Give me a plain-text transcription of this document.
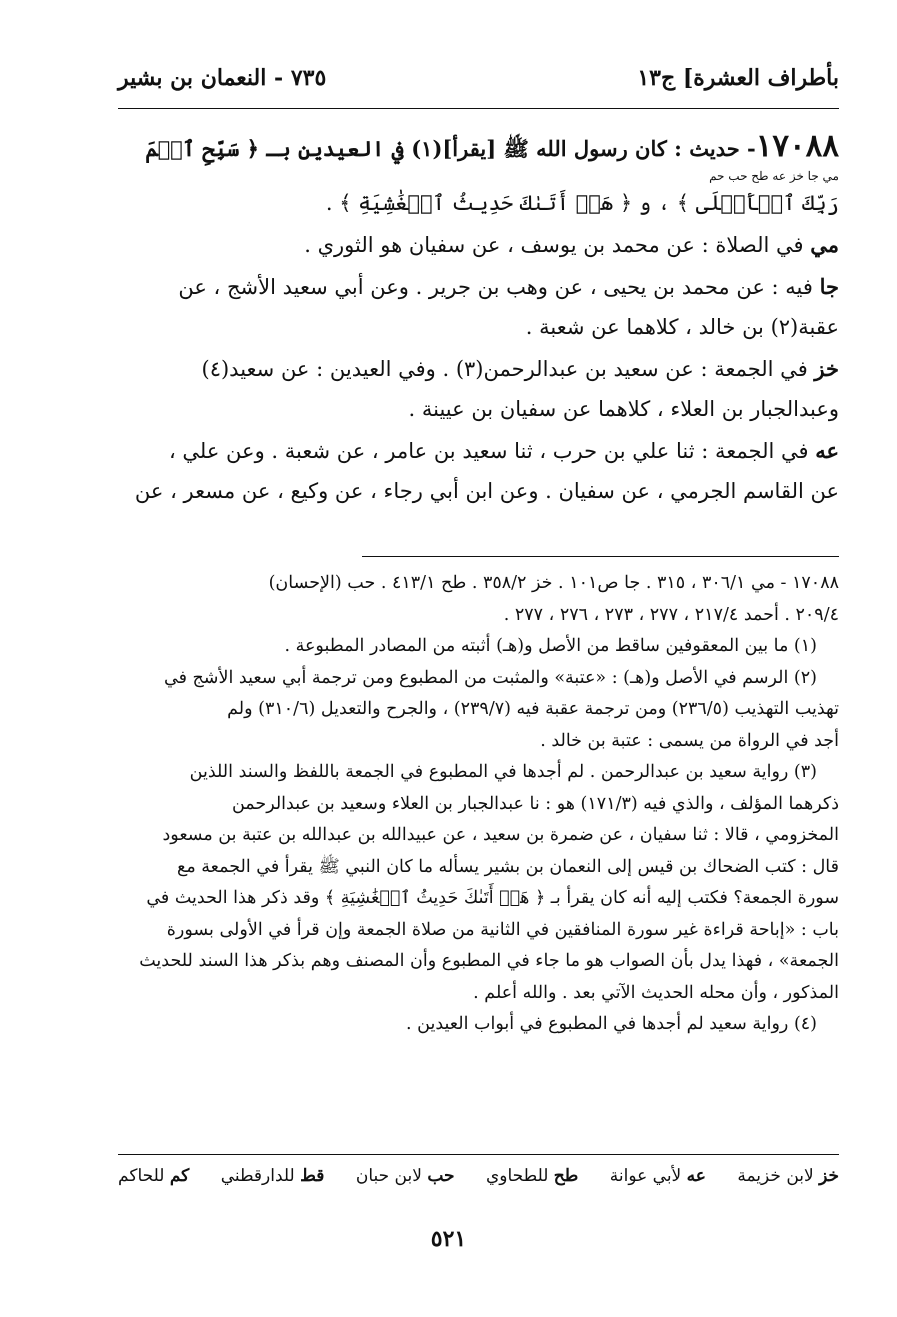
بأطراف العشرة] ج١٣
٧٣٥ - النعمان بن بشير

١٧٠٨٨- حديث : كان رسول الله ﷺ [يقرأ](١) في العيدين بـ ﴿ سَبِّحِ ٱسۡمَ

مي جا خز عه طح حب حم

رَبِّكَ ٱلۡأَعۡلَى ﴾ ، و ﴿ هَلۡ أَتَىٰكَ حَدِيثُ ٱلۡغَٰشِيَةِ ﴾ .

مي في الصلاة : عن محمد بن يوسف ، عن سفيان هو الثوري .

جا فيه : عن محمد بن يحيى ، عن وهب بن جرير . وعن أبي سعيد الأشج ، عن

عقبة(٢) بن خالد ، كلاهما عن شعبة .

خز في الجمعة : عن سعيد بن عبدالرحمن(٣) . وفي العيدين : عن سعيد(٤)

وعبدالجبار بن العلاء ، كلاهما عن سفيان بن عيينة .

عه في الجمعة : ثنا علي بن حرب ، ثنا سعيد بن عامر ، عن شعبة . وعن علي ،

عن القاسم الجرمي ، عن سفيان . وعن ابن أبي رجاء ، عن وكيع ، عن مسعر ، عن

١٧٠٨٨ - مي ٣٠٦/١ ، ٣١٥ . جا ص١٠١ . خز ٣٥٨/٢ . طح ٤١٣/١ . حب (الإحسان)

٢٠٩/٤ . أحمد ٢١٧/٤ ، ٢٧٧ ، ٢٧٣ ، ٢٧٦ ، ٢٧٧ .

(١) ما بين المعقوفين ساقط من الأصل و(هـ) أثبته من المصادر المطبوعة .

(٢) الرسم في الأصل و(هـ) : «عتبة» والمثبت من المطبوع ومن ترجمة أبي سعيد الأشج في

تهذيب التهذيب (٢٣٦/٥) ومن ترجمة عقبة فيه (٢٣٩/٧) ، والجرح والتعديل (٣١٠/٦) ولم

أجد في الرواة من يسمى : عتبة بن خالد .

(٣) رواية سعيد بن عبدالرحمن . لم أجدها في المطبوع في الجمعة باللفظ والسند اللذين

ذكرهما المؤلف ، والذي فيه (١٧١/٣) هو : نا عبدالجبار بن العلاء وسعيد بن عبدالرحمن

المخزومي ، قالا : ثنا سفيان ، عن ضمرة بن سعيد ، عن عبيدالله بن عبدالله بن عتبة بن مسعود

قال : كتب الضحاك بن قيس إلى النعمان بن بشير يسأله ما كان النبي ﷺ يقرأ في الجمعة مع

سورة الجمعة؟ فكتب إليه أنه كان يقرأ بـ ﴿ هَلۡ أَتَىٰكَ حَدِيثُ ٱلۡغَٰشِيَةِ ﴾ وقد ذكر هذا الحديث في

باب : «إباحة قراءة غير سورة المنافقين في الثانية من صلاة الجمعة وإن قرأ في الأولى بسورة

الجمعة» ، فهذا يدل بأن الصواب هو ما جاء في المطبوع وأن المصنف وهم بذكر هذا السند للحديث

المذكور ، وأن محله الحديث الآتي بعد . والله أعلم .

(٤) رواية سعيد لم أجدها في المطبوع في أبواب العيدين .

خز لابن خزيمة
عه لأبي عوانة
طح للطحاوي
حب لابن حبان
قط للدارقطني
كم للحاكم
٥٢١
